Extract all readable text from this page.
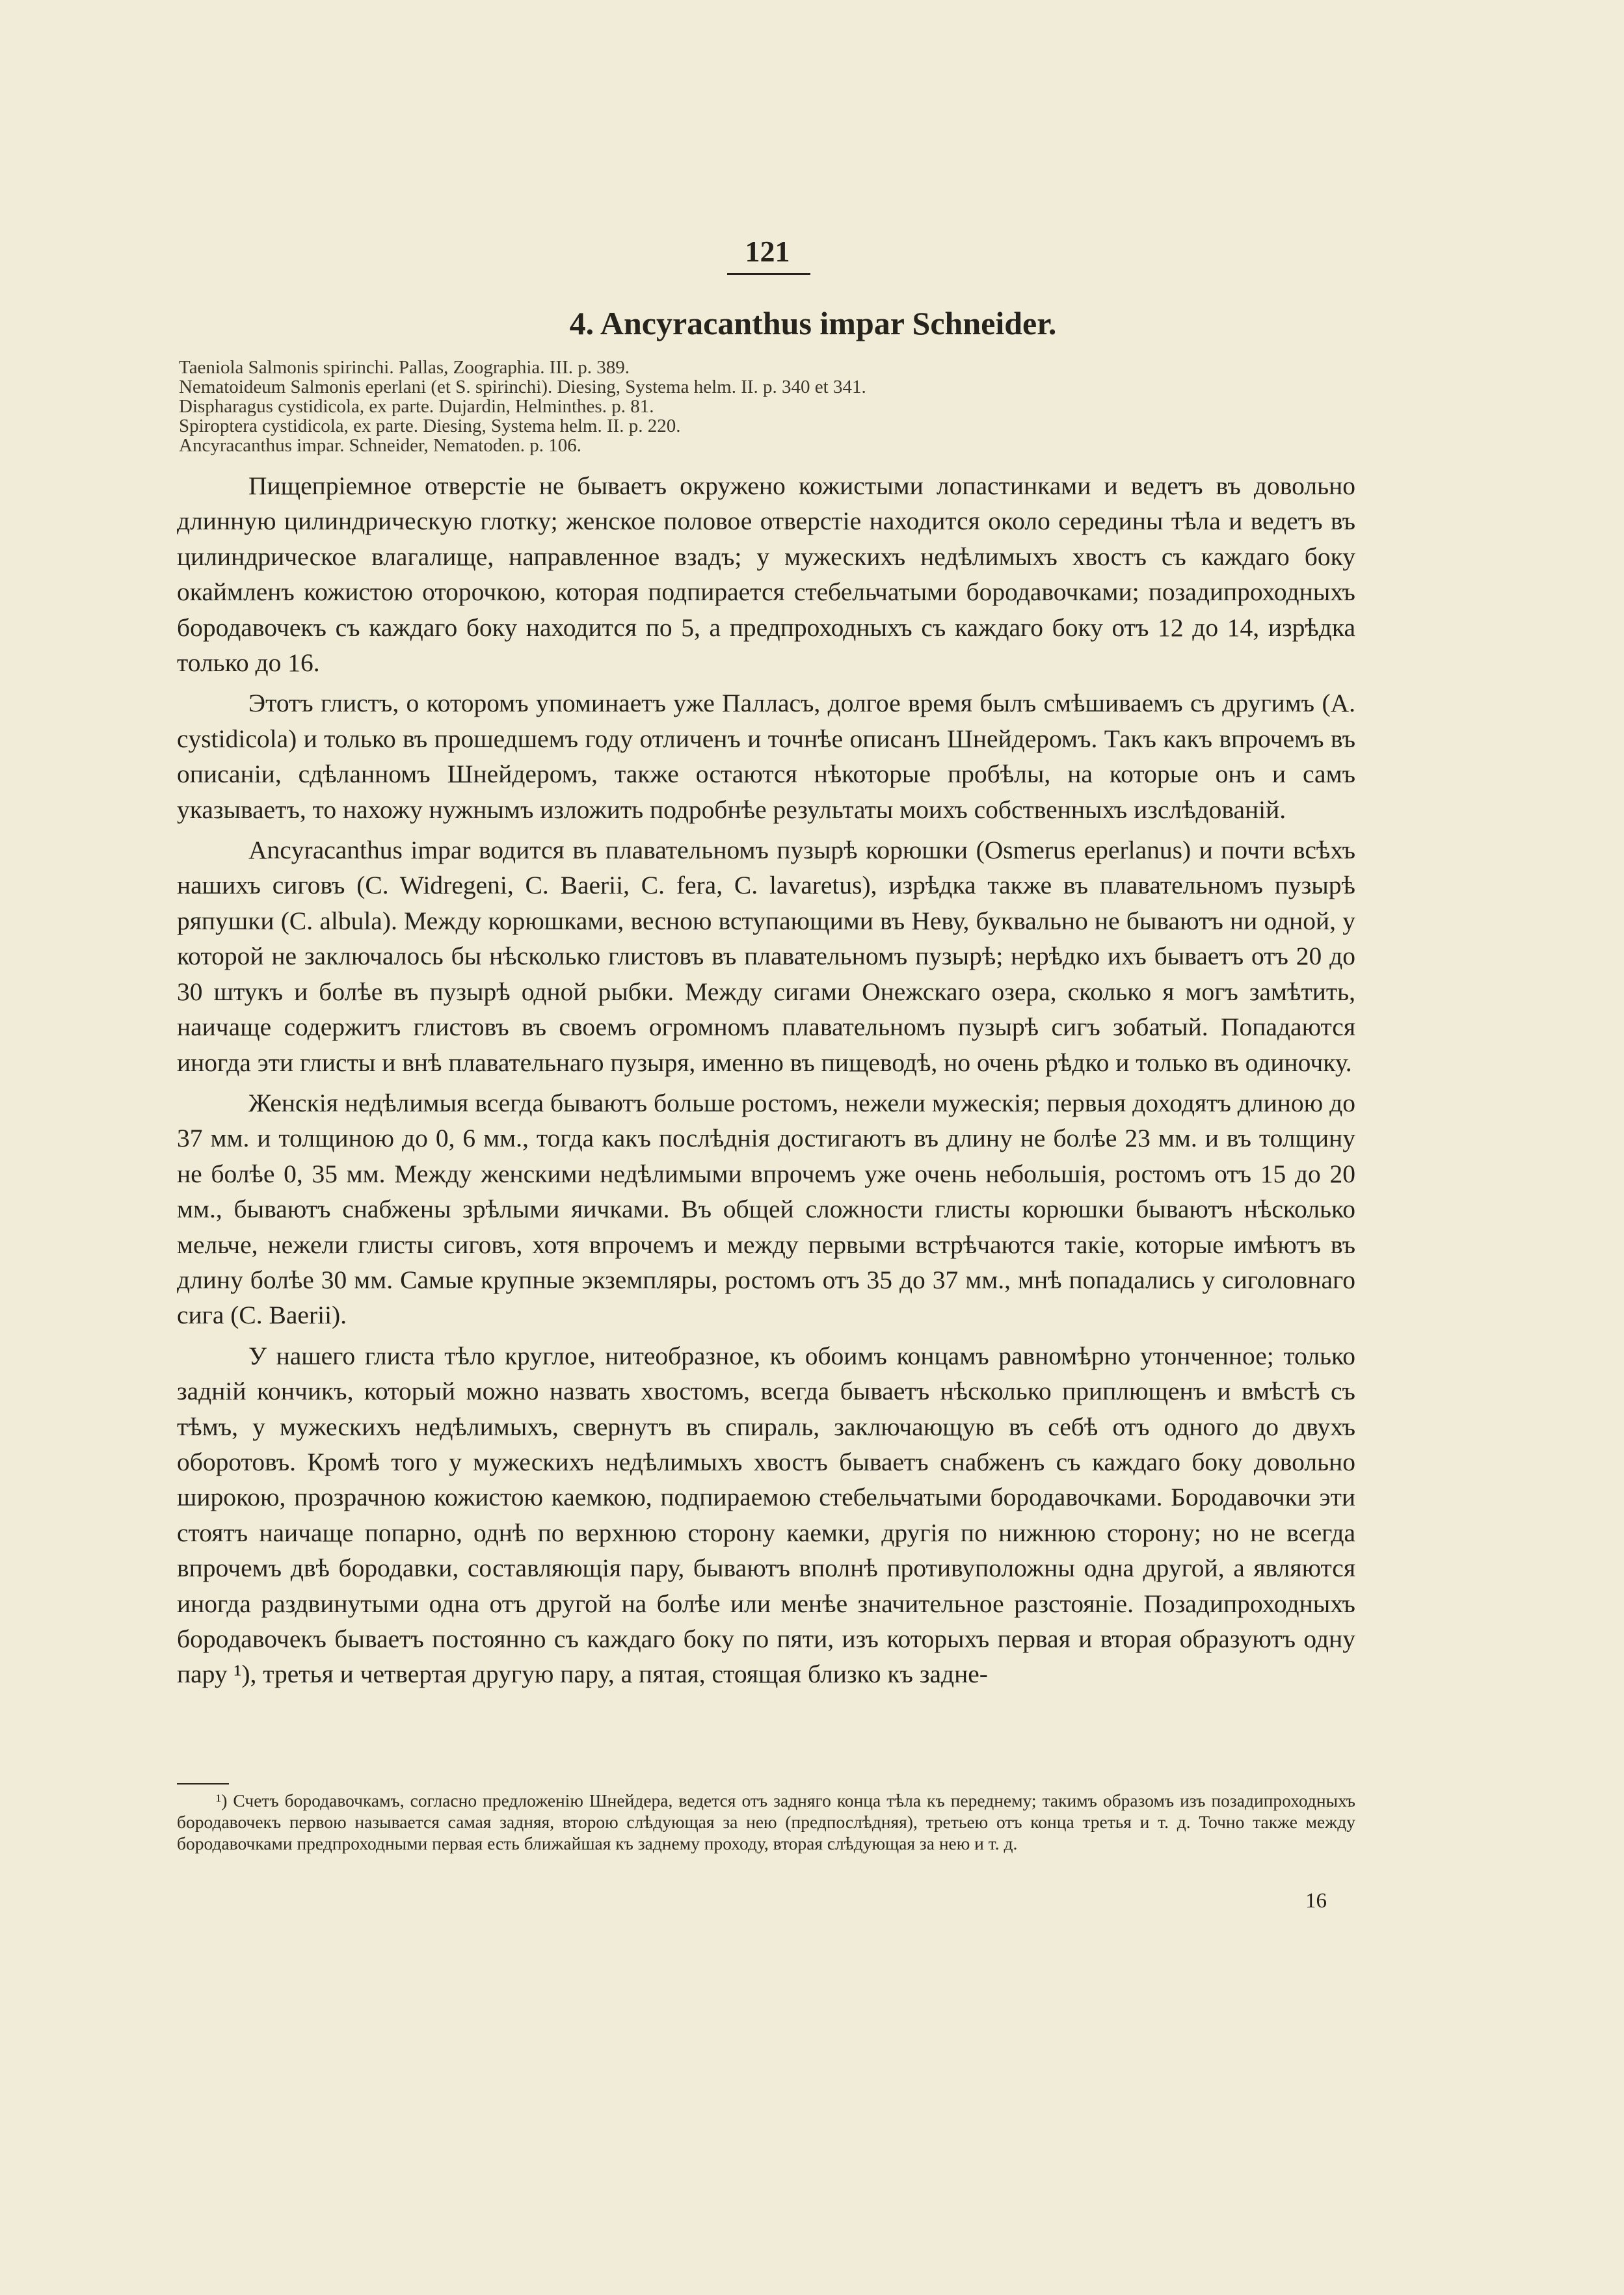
121
4. Ancyracanthus impar Schneider.
Taeniola Salmonis spirinchi. Pallas, Zoographia. III. p. 389.
Nematoideum Salmonis eperlani (et S. spirinchi). Diesing, Systema helm. II. p. 340 et 341.
Dispharagus cystidicola, ex parte. Dujardin, Helminthes. p. 81.
Spiroptera cystidicola, ex parte. Diesing, Systema helm. II. p. 220.
Ancyracanthus impar. Schneider, Nematoden. p. 106.

Пищепріемное отверстіе не бываетъ окружено кожистыми лопастинками и ведетъ въ довольно длинную цилиндрическую глотку; женское половое отверстіе находится около середины тѣла и ведетъ въ цилиндрическое влагалище, направленное взадъ; у мужескихъ недѣлимыхъ хвостъ съ каждаго боку окаймленъ кожистою оторочкою, которая подпирается стебельчатыми бородавочками; позадипроходныхъ бородавочекъ съ каждаго боку находится по 5, а предпроходныхъ съ каждаго боку отъ 12 до 14, изрѣдка только до 16.

Этотъ глистъ, о которомъ упоминаетъ уже Палласъ, долгое время былъ смѣшиваемъ съ другимъ (A. cystidicola) и только въ прошедшемъ году отличенъ и точнѣе описанъ Шнейдеромъ. Такъ какъ впрочемъ въ описаніи, сдѣланномъ Шнейдеромъ, также остаются нѣкоторые пробѣлы, на которые онъ и самъ указываетъ, то нахожу нужнымъ изложить подробнѣе результаты моихъ собственныхъ изслѣдованій.

Ancyracanthus impar водится въ плавательномъ пузырѣ корюшки (Osmerus eperlanus) и почти всѣхъ нашихъ сиговъ (C. Widregeni, C. Baerii, C. fera, C. lavaretus), изрѣдка также въ плавательномъ пузырѣ ряпушки (C. albula). Между корюшками, весною вступающими въ Неву, буквально не бываютъ ни одной, у которой не заключалось бы нѣсколько глистовъ въ плавательномъ пузырѣ; нерѣдко ихъ бываетъ отъ 20 до 30 штукъ и болѣе въ пузырѣ одной рыбки. Между сигами Онежскаго озера, сколько я могъ замѣтить, наичаще содержитъ глистовъ въ своемъ огромномъ плавательномъ пузырѣ сигъ зобатый. Попадаются иногда эти глисты и внѣ плавательнаго пузыря, именно въ пищеводѣ, но очень рѣдко и только въ одиночку.

Женскія недѣлимыя всегда бываютъ больше ростомъ, нежели мужескія; первыя доходятъ длиною до 37 мм. и толщиною до 0, 6 мм., тогда какъ послѣднія достигаютъ въ длину не болѣе 23 мм. и въ толщину не болѣе 0, 35 мм. Между женскими недѣлимыми впрочемъ уже очень небольшія, ростомъ отъ 15 до 20 мм., бываютъ снабжены зрѣлыми яичками. Въ общей сложности глисты корюшки бываютъ нѣсколько мельче, нежели глисты сиговъ, хотя впрочемъ и между первыми встрѣчаются такіе, которые имѣютъ въ длину болѣе 30 мм. Самые крупные экземпляры, ростомъ отъ 35 до 37 мм., мнѣ попадались у сиголовнаго сига (C. Baerii).

У нашего глиста тѣло круглое, нитеобразное, къ обоимъ концамъ равномѣрно утонченное; только задній кончикъ, который можно назвать хвостомъ, всегда бываетъ нѣсколько приплющенъ и вмѣстѣ съ тѣмъ, у мужескихъ недѣлимыхъ, свернутъ въ спираль, заключающую въ себѣ отъ одного до двухъ оборотовъ. Кромѣ того у мужескихъ недѣлимыхъ хвостъ бываетъ снабженъ съ каждаго боку довольно широкою, прозрачною кожистою каемкою, подпираемою стебельчатыми бородавочками. Бородавочки эти стоятъ наичаще попарно, однѣ по верхнюю сторону каемки, другія по нижнюю сторону; но не всегда впрочемъ двѣ бородавки, составляющія пару, бываютъ вполнѣ противуположны одна другой, а являются иногда раздвинутыми одна отъ другой на болѣе или менѣе значительное разстояніе. Позадипроходныхъ бородавочекъ бываетъ постоянно съ каждаго боку по пяти, изъ которыхъ первая и вторая образуютъ одну пару ¹), третья и четвертая другую пару, а пятая, стоящая близко къ задне-

¹) Счетъ бородавочкамъ, согласно предложенію Шнейдера, ведется отъ задняго конца тѣла къ переднему; такимъ образомъ изъ позадипроходныхъ бородавочекъ первою называется самая задняя, второю слѣдующая за нею (предпослѣдняя), третьею отъ конца третья и т. д. Точно также между бородавочками предпроходными первая есть ближайшая къ заднему проходу, вторая слѣдующая за нею и т. д.

16
